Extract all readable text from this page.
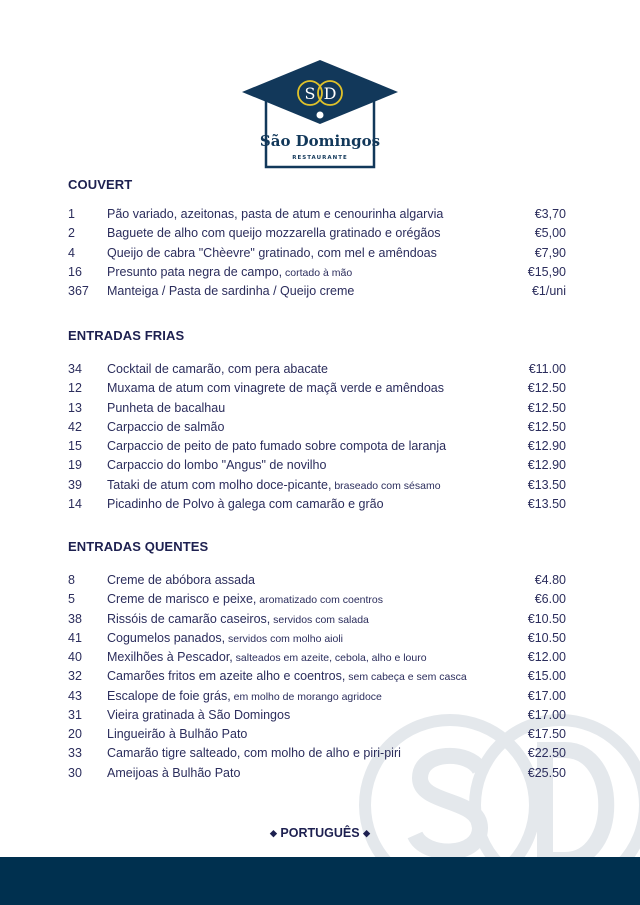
S D
São Domingos
RESTAURANTE
COUVERT
1	Pão variado, azeitonas, pasta de atum e cenourinha algarvia	€3,70
2	Baguete de alho com queijo mozzarella gratinado e orégãos	€5,00
4	Queijo de cabra "Chèevre" gratinado, com mel e amêndoas	€7,90
16	Presunto pata negra de campo, cortado à mão	€15,90
367	Manteiga / Pasta de sardinha / Queijo creme	€1/uni
ENTRADAS FRIAS
34	Cocktail de camarão, com pera abacate	€11.00
12	Muxama de atum com vinagrete de maçã verde e amêndoas	€12.50
13	Punheta de bacalhau	€12.50
42	Carpaccio de salmão	€12.50
15	Carpaccio de peito de pato fumado sobre compota de laranja	€12.90
19	Carpaccio do lombo "Angus" de novilho	€12.90
39	Tataki de atum com molho doce-picante, braseado com sésamo	€13.50
14	Picadinho de Polvo à galega com camarão e grão	€13.50
ENTRADAS QUENTES
8	Creme de abóbora assada	€4.80
5	Creme de marisco e peixe, aromatizado com coentros	€6.00
38	Rissóis de camarão caseiros, servidos com salada	€10.50
41	Cogumelos panados, servidos com molho aioli	€10.50
40	Mexilhões à Pescador, salteados em azeite, cebola, alho e louro	€12.00
32	Camarões fritos em azeite alho e coentros, sem cabeça e sem casca	€15.00
43	Escalope de foie grás, em molho de morango agridoce	€17.00
31	Vieira gratinada à São Domingos	€17.00
20	Lingueirão à Bulhão Pato	€17.50
33	Camarão tigre salteado, com molho de alho e piri-piri	€22.50
30	Ameijoas à Bulhão Pato	€25.50
◆ PORTUGUÊS ◆
